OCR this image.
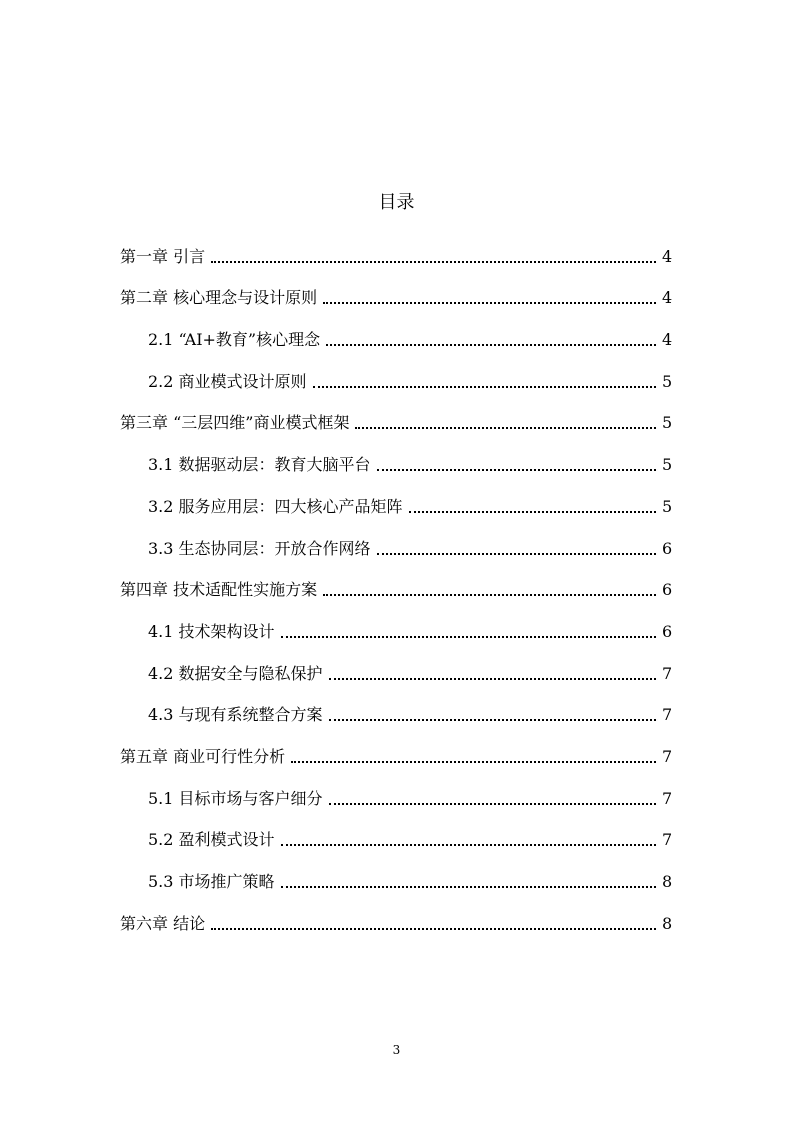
目录
第一章 引言	4
第二章 核心理念与设计原则	4
2.1 “AI+教育”核心理念	4
2.2 商业模式设计原则	5
第三章 “三层四维”商业模式框架	5
3.1 数据驱动层：教育大脑平台	5
3.2 服务应用层：四大核心产品矩阵	5
3.3 生态协同层：开放合作网络	6
第四章 技术适配性实施方案	6
4.1 技术架构设计	6
4.2 数据安全与隐私保护	7
4.3 与现有系统整合方案	7
第五章 商业可行性分析	7
5.1 目标市场与客户细分	7
5.2 盈利模式设计	7
5.3 市场推广策略	8
第六章 结论	8
3
